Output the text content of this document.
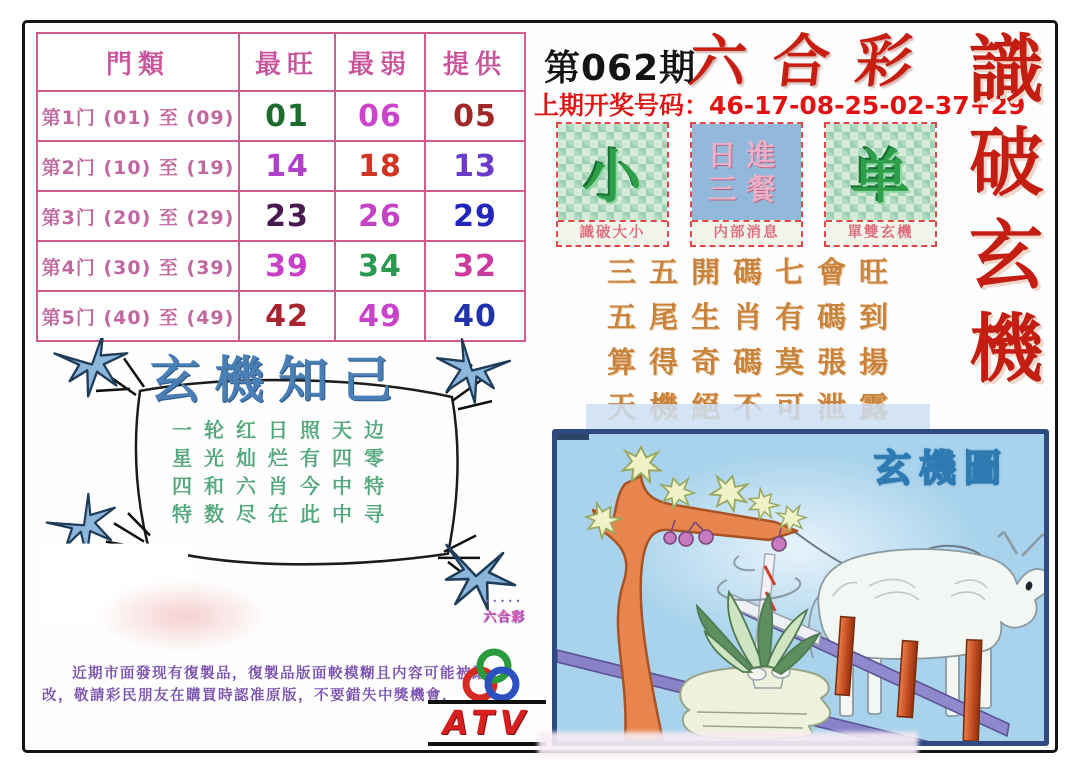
門類	最旺	最弱	提供
第1门 (01) 至 (09)	01	06	05
第2门 (10) 至 (19)	14	18	13
第3门 (20) 至 (29)	23	26	29
第4门 (30) 至 (39)	39	34	32
第5门 (40) 至 (49)	42	49	40
玄機知己
一轮红日照天边
星光灿烂有四零
四和六肖今中特
特数尽在此中寻
近期市面發现有復製品，復製品版面較模糊且内容可能被繪
改，敬請彩民朋友在購買時認准原版，不要錯失中獎機會．
•••••
六合彩
ATV
第062期
六合彩
上期开奖号码：46-17-08-25-02-37+29
小
識破大小
日進三餐
内部消息
单
單雙玄機
三五開碼七會旺
五尾生肖有碼到
算得奇碼莫張揚
識
破
玄
機
玄機圖
